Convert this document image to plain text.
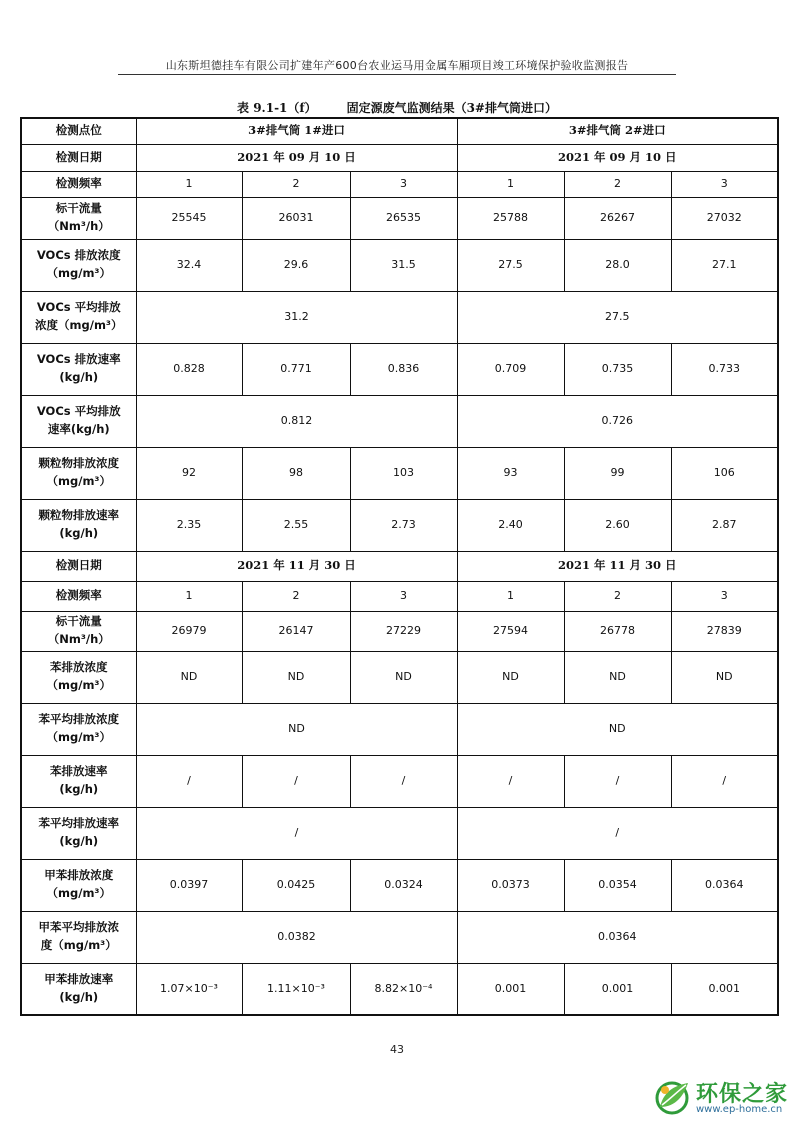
山东斯坦德挂车有限公司扩建年产600台农业运马用金属车厢项目竣工环境保护验收监测报告
表 9.1-1（f）	固定源废气监测结果（3#排气筒进口）
检测点位	3#排气筒 1#进口			3#排气筒 2#进口		
检测日期	2021 年 09 月 10 日			2021 年 09 月 10 日		
检测频率	1	2	3	1	2	3
标干流量
（Nm³/h）	25545	26031	26535	25788	26267	27032
VOCs 排放浓度
（mg/m³）	32.4	29.6	31.5	27.5	28.0	27.1
VOCs 平均排放
浓度（mg/m³）	31.2			27.5		
VOCs 排放速率
(kg/h)	0.828	0.771	0.836	0.709	0.735	0.733
VOCs 平均排放
速率(kg/h)	0.812			0.726		
颗粒物排放浓度
（mg/m³）	92	98	103	93	99	106
颗粒物排放速率
(kg/h)	2.35	2.55	2.73	2.40	2.60	2.87
检测日期	2021 年 11 月 30 日			2021 年 11 月 30 日		
检测频率	1	2	3	1	2	3
标干流量
（Nm³/h）	26979	26147	27229	27594	26778	27839
苯排放浓度
（mg/m³）	ND	ND	ND	ND	ND	ND
苯平均排放浓度
（mg/m³）	ND			ND		
苯排放速率
(kg/h)	/	/	/	/	/	/
苯平均排放速率
(kg/h)	/			/		
甲苯排放浓度
（mg/m³）	0.0397	0.0425	0.0324	0.0373	0.0354	0.0364
甲苯平均排放浓
度（mg/m³）	0.0382			0.0364		
甲苯排放速率
(kg/h)	1.07×10⁻³	1.11×10⁻³	8.82×10⁻⁴	0.001	0.001	0.001
43
环保之家
www.ep-home.cn
